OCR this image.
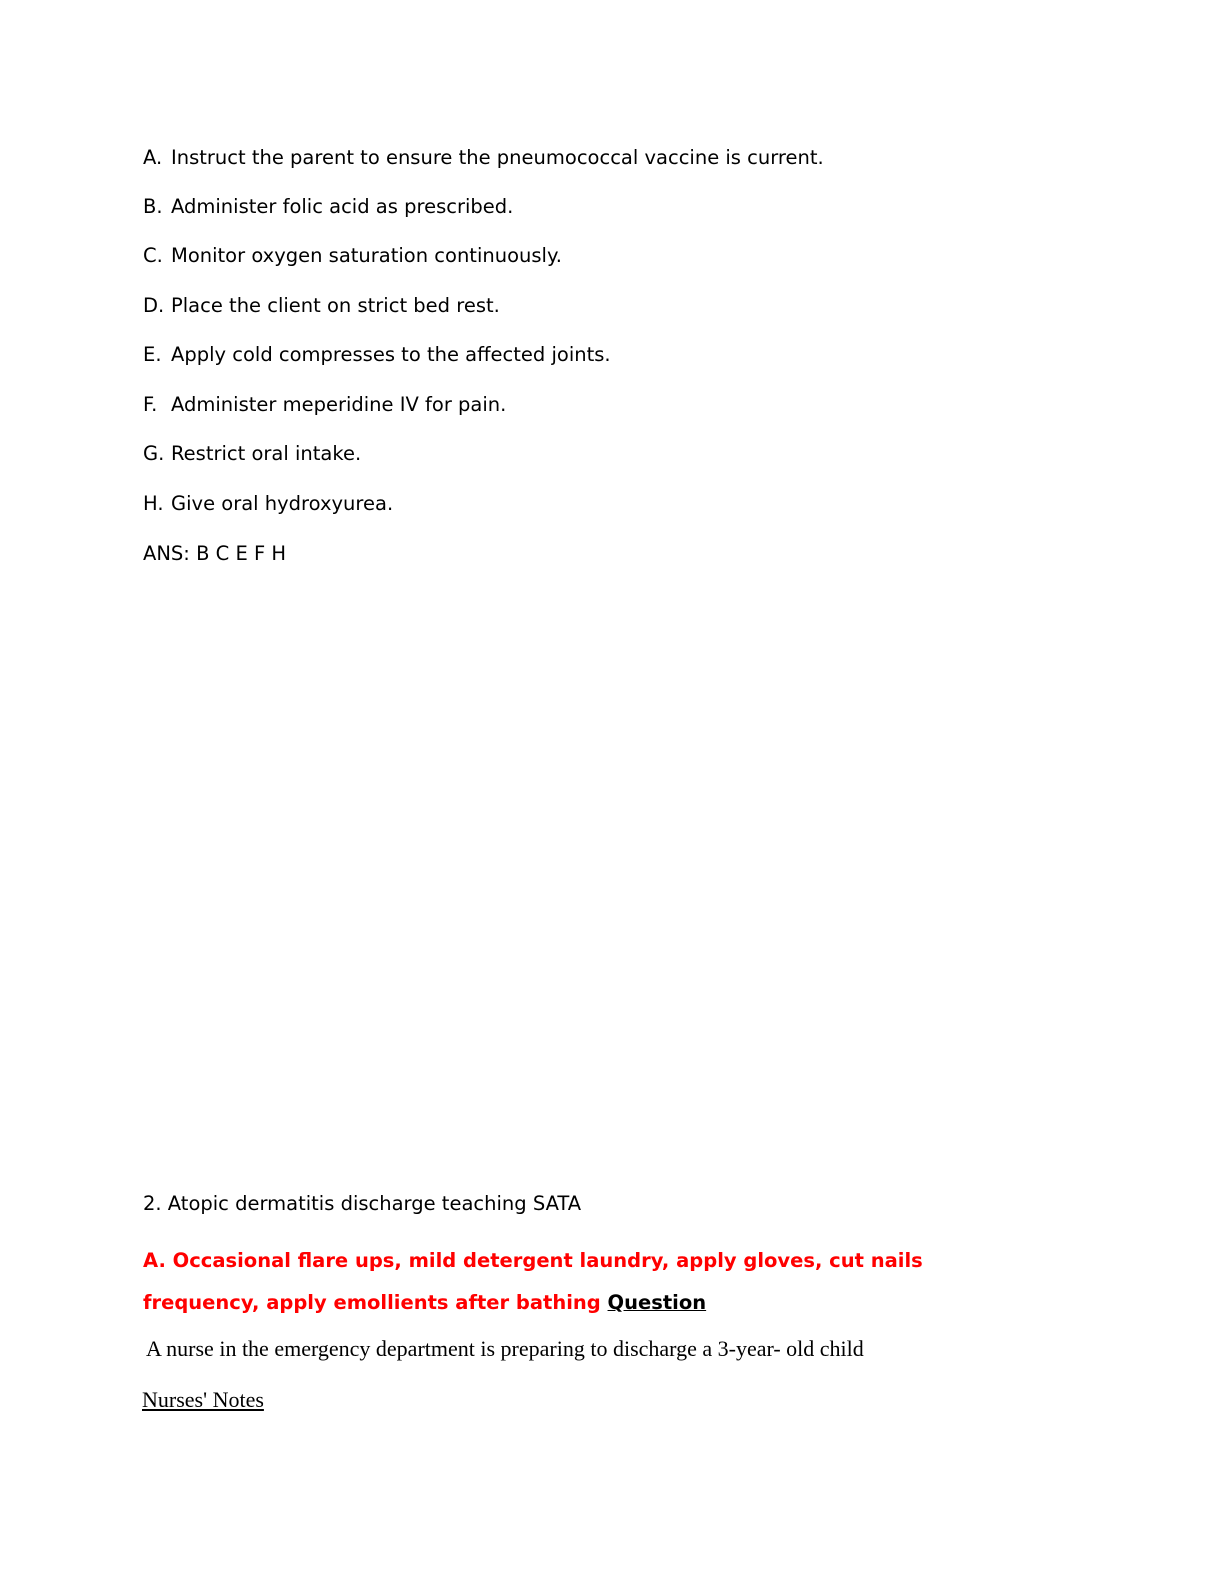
A. Instruct the parent to ensure the pneumococcal vaccine is current.
B. Administer folic acid as prescribed.
C. Monitor oxygen saturation continuously.
D. Place the client on strict bed rest.
E. Apply cold compresses to the affected joints.
F. Administer meperidine IV for pain.
G. Restrict oral intake.
H. Give oral hydroxyurea.
ANS: B C E F H
2. Atopic dermatitis discharge teaching SATA
A. Occasional flare ups, mild detergent laundry, apply gloves, cut nails frequency, apply emollients after bathing Question
A nurse in the emergency department is preparing to discharge a 3-year- old child
Nurses' Notes
